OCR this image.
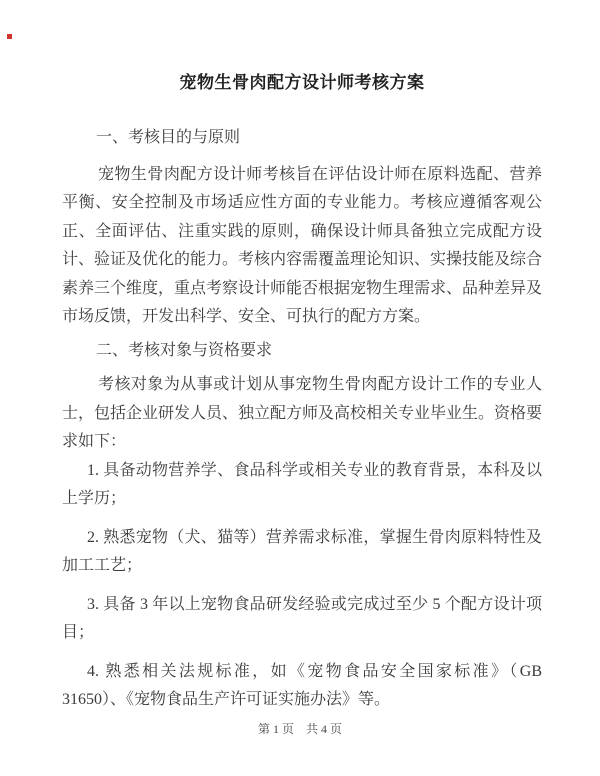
宠物生骨肉配方设计师考核方案
一、考核目的与原则

宠物生骨肉配方设计师考核旨在评估设计师在原料选配、营养平衡、安全控制及市场适应性方面的专业能力。考核应遵循客观公正、全面评估、注重实践的原则，确保设计师具备独立完成配方设计、验证及优化的能力。考核内容需覆盖理论知识、实操技能及综合素养三个维度，重点考察设计师能否根据宠物生理需求、品种差异及市场反馈，开发出科学、安全、可执行的配方方案。

二、考核对象与资格要求

考核对象为从事或计划从事宠物生骨肉配方设计工作的专业人士，包括企业研发人员、独立配方师及高校相关专业毕业生。资格要求如下：

1. 具备动物营养学、食品科学或相关专业的教育背景，本科及以上学历；

2. 熟悉宠物（犬、猫等）营养需求标准，掌握生骨肉原料特性及加工工艺；

3. 具备 3 年以上宠物食品研发经验或完成过至少 5 个配方设计项目；

4. 熟悉相关法规标准，如《宠物食品安全国家标准》（GB 31650）、《宠物食品生产许可证实施办法》等。

第 1 页　共 4 页
